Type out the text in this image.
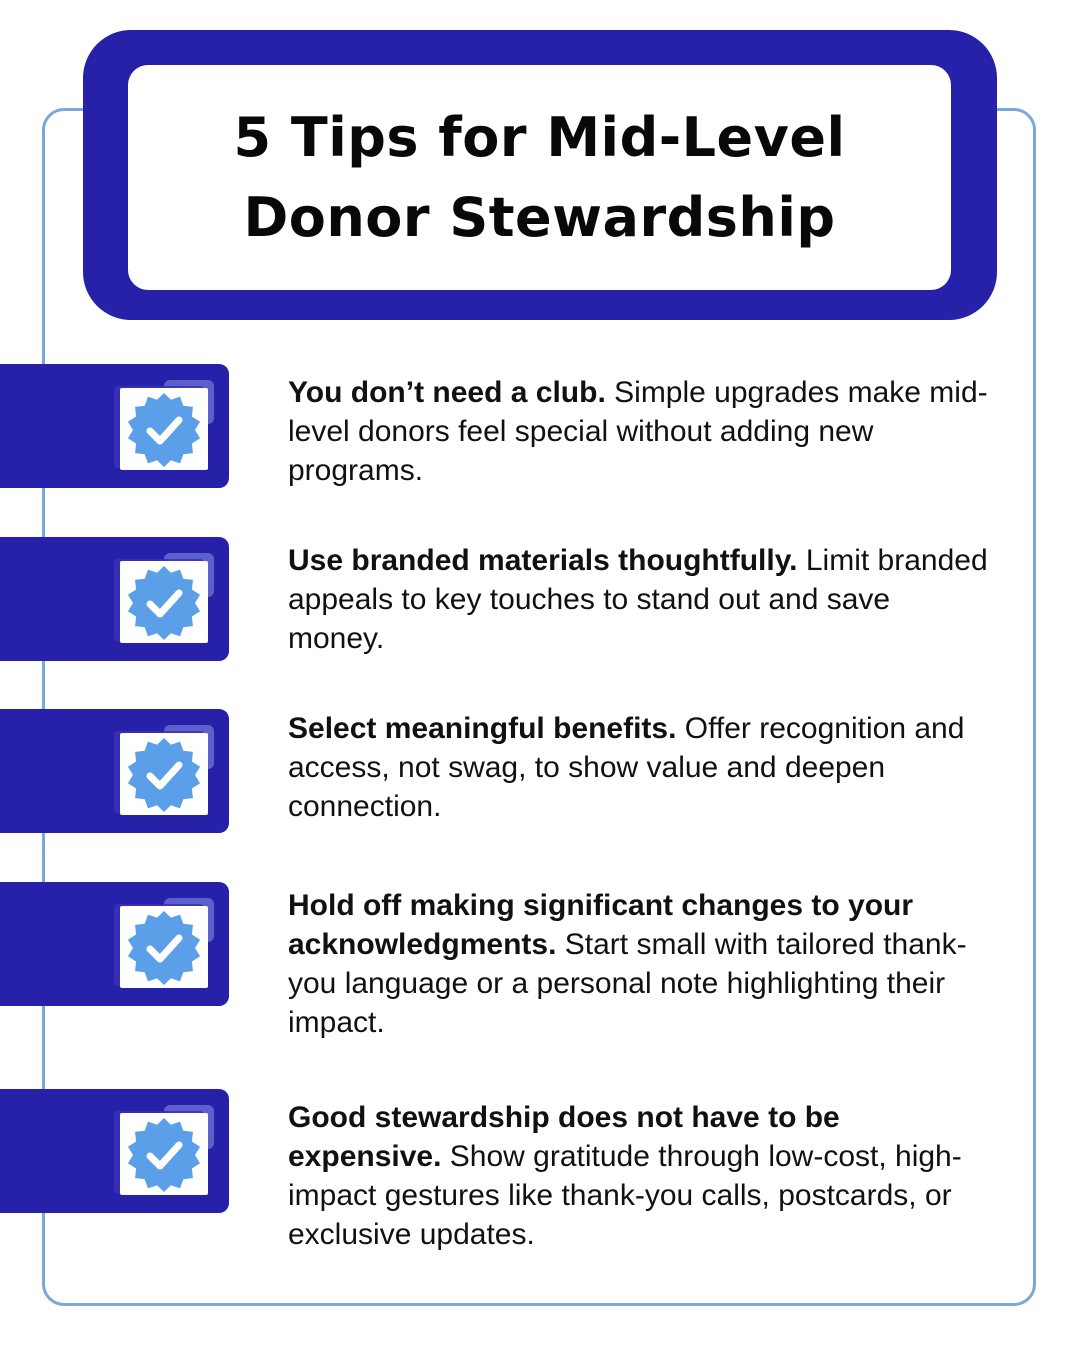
5 Tips for Mid-Level
Donor Stewardship

You don’t need a club. Simple upgrades make mid-level donors feel special without adding new programs.

Use branded materials thoughtfully. Limit branded appeals to key touches to stand out and save money.

Select meaningful benefits. Offer recognition and access, not swag, to show value and deepen connection.

Hold off making significant changes to your acknowledgments. Start small with tailored thank-you language or a personal note highlighting their impact.

Good stewardship does not have to be expensive. Show gratitude through low-cost, high-impact gestures like thank-you calls, postcards, or exclusive updates.
